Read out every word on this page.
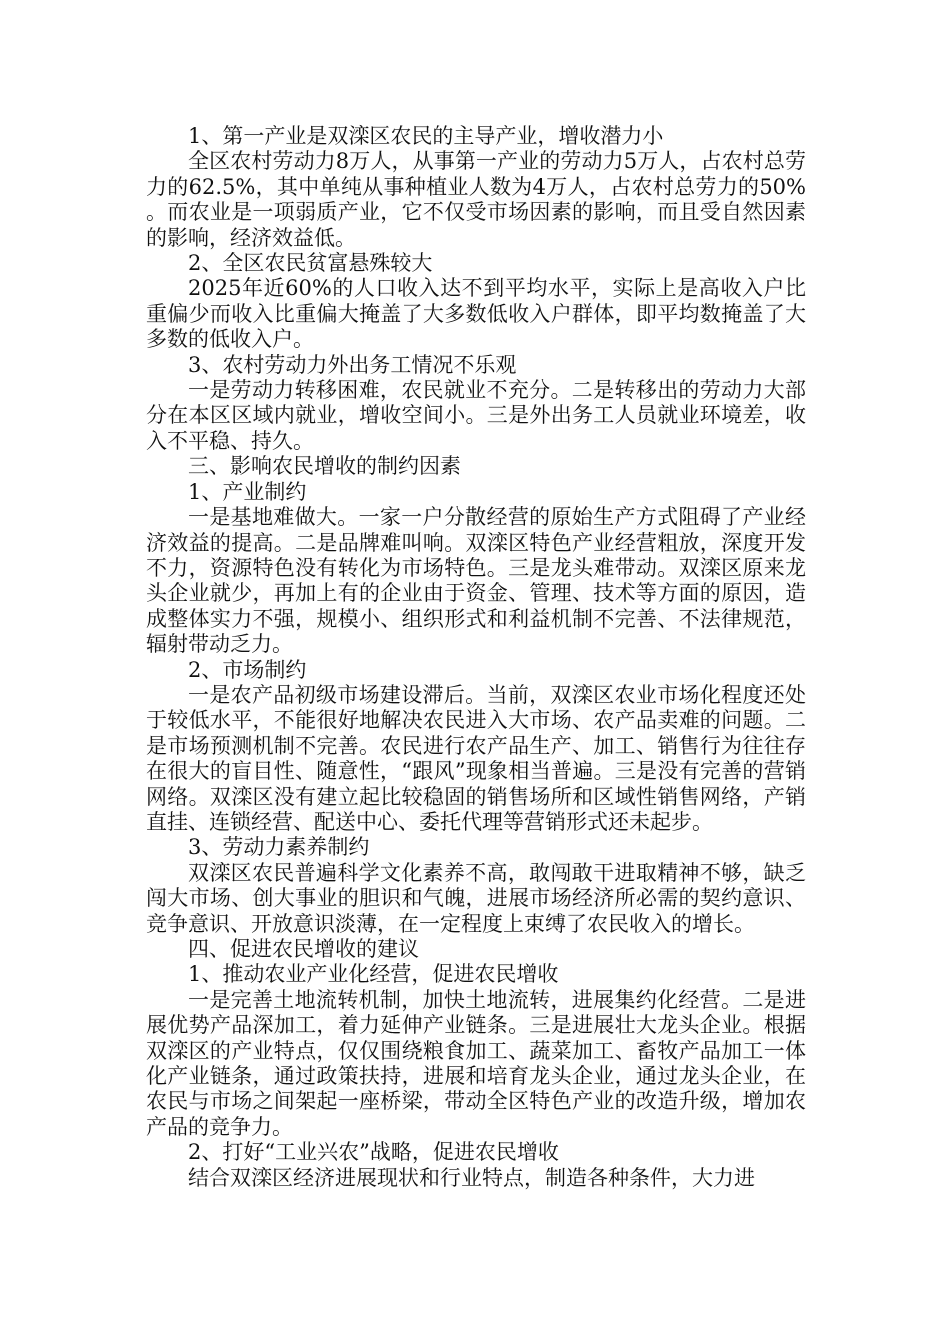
1、第一产业是双滦区农民的主导产业，增收潜力小

全区农村劳动力8万人，从事第一产业的劳动力5万人，占农村总劳力的62.5%，其中单纯从事种植业人数为4万人，占农村总劳力的50%。而农业是一项弱质产业，它不仅受市场因素的影响，而且受自然因素的影响，经济效益低。

2、全区农民贫富悬殊较大

2025年近60%的人口收入达不到平均水平，实际上是高收入户比重偏少而收入比重偏大掩盖了大多数低收入户群体，即平均数掩盖了大多数的低收入户。

3、农村劳动力外出务工情况不乐观

一是劳动力转移困难，农民就业不充分。二是转移出的劳动力大部分在本区区域内就业，增收空间小。三是外出务工人员就业环境差，收入不平稳、持久。

三、影响农民增收的制约因素

1、产业制约

一是基地难做大。一家一户分散经营的原始生产方式阻碍了产业经济效益的提高。二是品牌难叫响。双滦区特色产业经营粗放，深度开发不力，资源特色没有转化为市场特色。三是龙头难带动。双滦区原来龙头企业就少，再加上有的企业由于资金、管理、技术等方面的原因，造成整体实力不强，规模小、组织形式和利益机制不完善、不法律规范，辐射带动乏力。

2、市场制约

一是农产品初级市场建设滞后。当前，双滦区农业市场化程度还处于较低水平，不能很好地解决农民进入大市场、农产品卖难的问题。二是市场预测机制不完善。农民进行农产品生产、加工、销售行为往往存在很大的盲目性、随意性，“跟风”现象相当普遍。三是没有完善的营销网络。双滦区没有建立起比较稳固的销售场所和区域性销售网络，产销直挂、连锁经营、配送中心、委托代理等营销形式还未起步。

3、劳动力素养制约

双滦区农民普遍科学文化素养不高，敢闯敢干进取精神不够，缺乏闯大市场、创大事业的胆识和气魄，进展市场经济所必需的契约意识、竞争意识、开放意识淡薄，在一定程度上束缚了农民收入的增长。

四、促进农民增收的建议

1、推动农业产业化经营，促进农民增收

一是完善土地流转机制，加快土地流转，进展集约化经营。二是进展优势产品深加工，着力延伸产业链条。三是进展壮大龙头企业。根据双滦区的产业特点，仅仅围绕粮食加工、蔬菜加工、畜牧产品加工一体化产业链条，通过政策扶持，进展和培育龙头企业，通过龙头企业，在农民与市场之间架起一座桥梁，带动全区特色产业的改造升级，增加农产品的竞争力。

2、打好“工业兴农”战略，促进农民增收

结合双滦区经济进展现状和行业特点，制造各种条件，大力进
